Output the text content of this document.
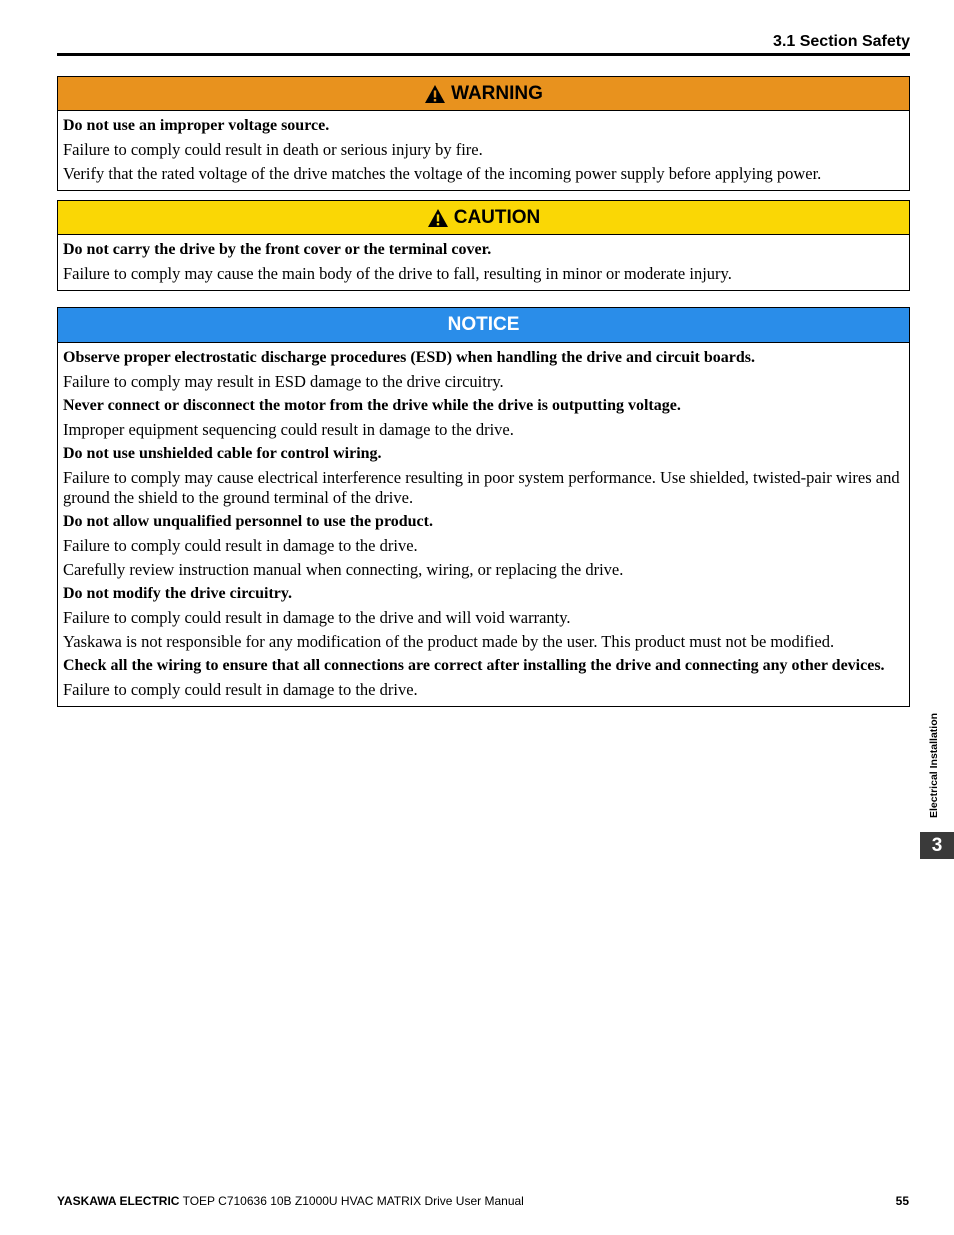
3.1 Section Safety
WARNING

Do not use an improper voltage source.

Failure to comply could result in death or serious injury by fire.

Verify that the rated voltage of the drive matches the voltage of the incoming power supply before applying power.

CAUTION

Do not carry the drive by the front cover or the terminal cover.

Failure to comply may cause the main body of the drive to fall, resulting in minor or moderate injury.

NOTICE

Observe proper electrostatic discharge procedures (ESD) when handling the drive and circuit boards.

Failure to comply may result in ESD damage to the drive circuitry.

Never connect or disconnect the motor from the drive while the drive is outputting voltage.

Improper equipment sequencing could result in damage to the drive.

Do not use unshielded cable for control wiring.

Failure to comply may cause electrical interference resulting in poor system performance. Use shielded, twisted-pair wires and ground the shield to the ground terminal of the drive.

Do not allow unqualified personnel to use the product.

Failure to comply could result in damage to the drive.

Carefully review instruction manual when connecting, wiring, or replacing the drive.

Do not modify the drive circuitry.

Failure to comply could result in damage to the drive and will void warranty.

Yaskawa is not responsible for any modification of the product made by the user. This product must not be modified.

Check all the wiring to ensure that all connections are correct after installing the drive and connecting any other devices.

Failure to comply could result in damage to the drive.

Electrical Installation
3
YASKAWA ELECTRIC TOEP C710636 10B Z1000U HVAC MATRIX Drive User Manual	55
